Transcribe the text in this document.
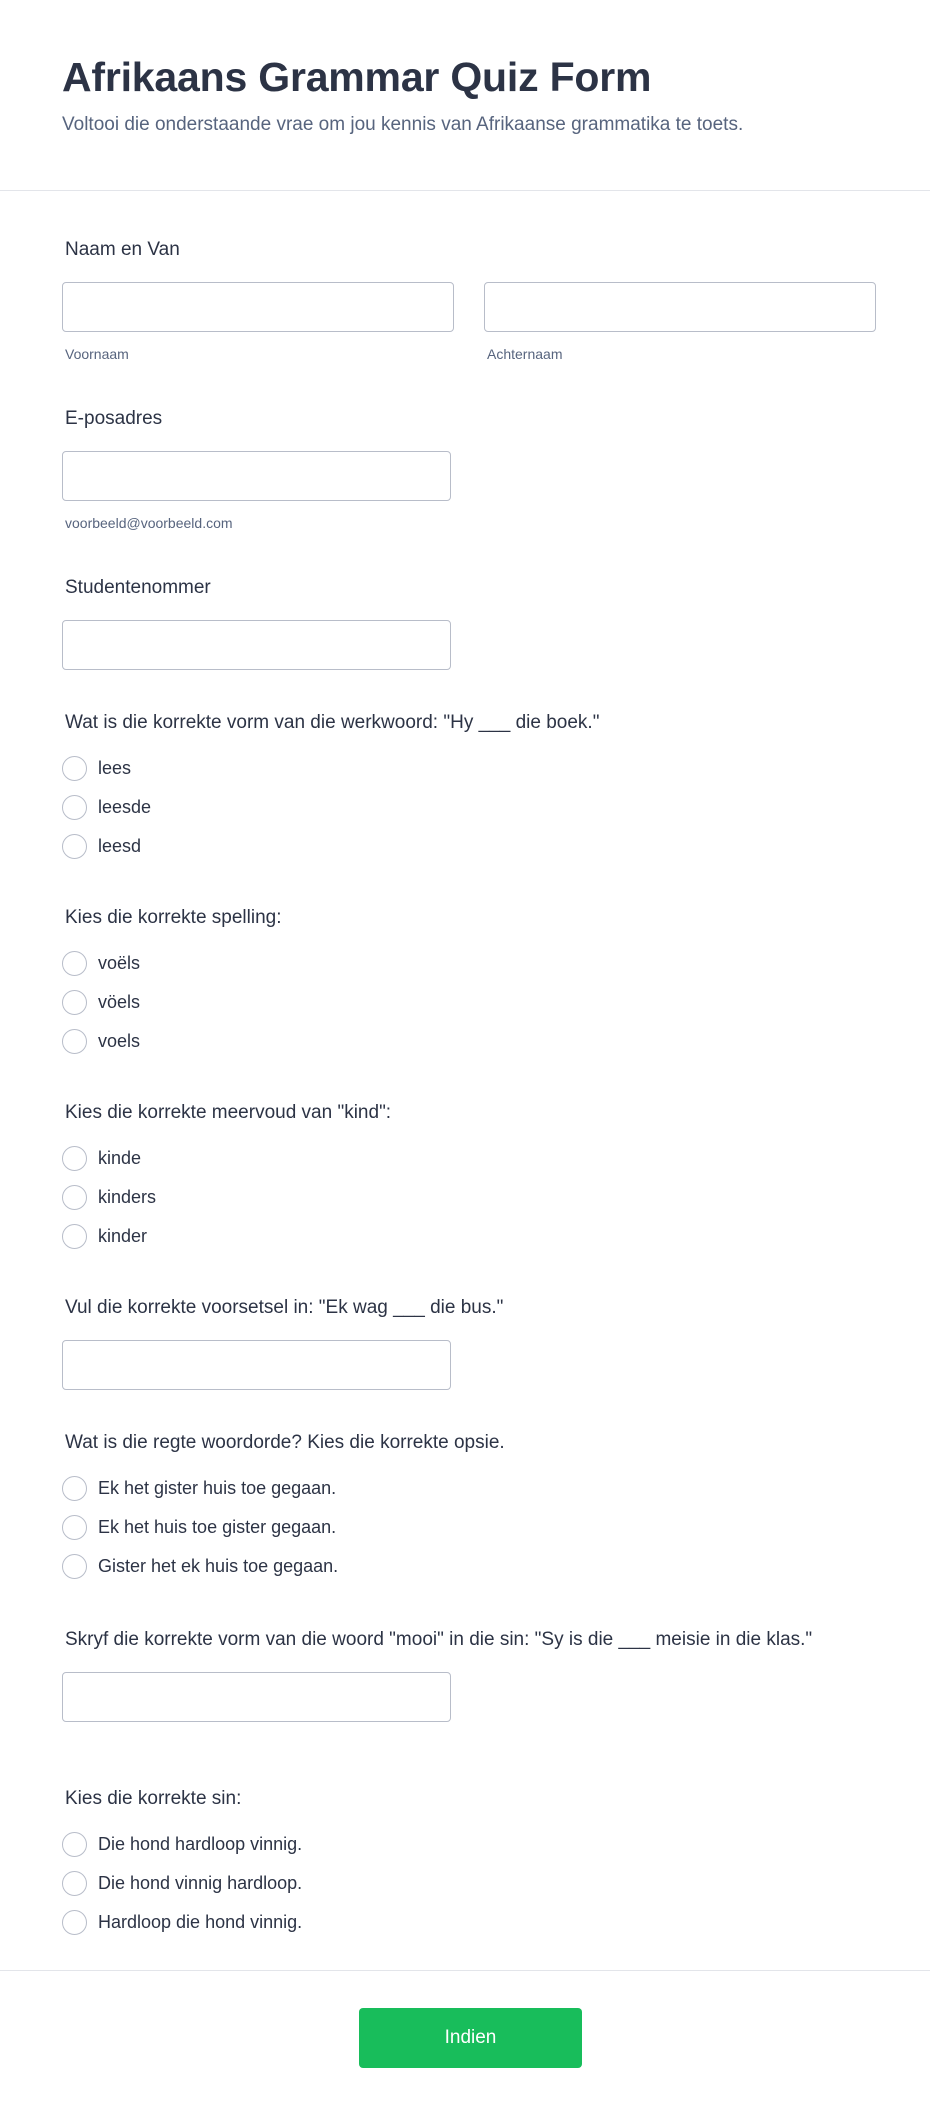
Afrikaans Grammar Quiz Form

Voltooi die onderstaande vrae om jou kennis van Afrikaanse grammatika te toets.

Naam en Van
Voornaam	Achternaam
E-posadres
voorbeeld@voorbeeld.com
Studentenommer
Wat is die korrekte vorm van die werkwoord: "Hy ___ die boek."
lees
leesde
leesd
Kies die korrekte spelling:
voëls
vöels
voels
Kies die korrekte meervoud van "kind":
kinde
kinders
kinder
Vul die korrekte voorsetsel in: "Ek wag ___ die bus."
Wat is die regte woordorde? Kies die korrekte opsie.
Ek het gister huis toe gegaan.
Ek het huis toe gister gegaan.
Gister het ek huis toe gegaan.
Skryf die korrekte vorm van die woord "mooi" in die sin: "Sy is die ___ meisie in die klas."
Kies die korrekte sin:
Die hond hardloop vinnig.
Die hond vinnig hardloop.
Hardloop die hond vinnig.
Indien
